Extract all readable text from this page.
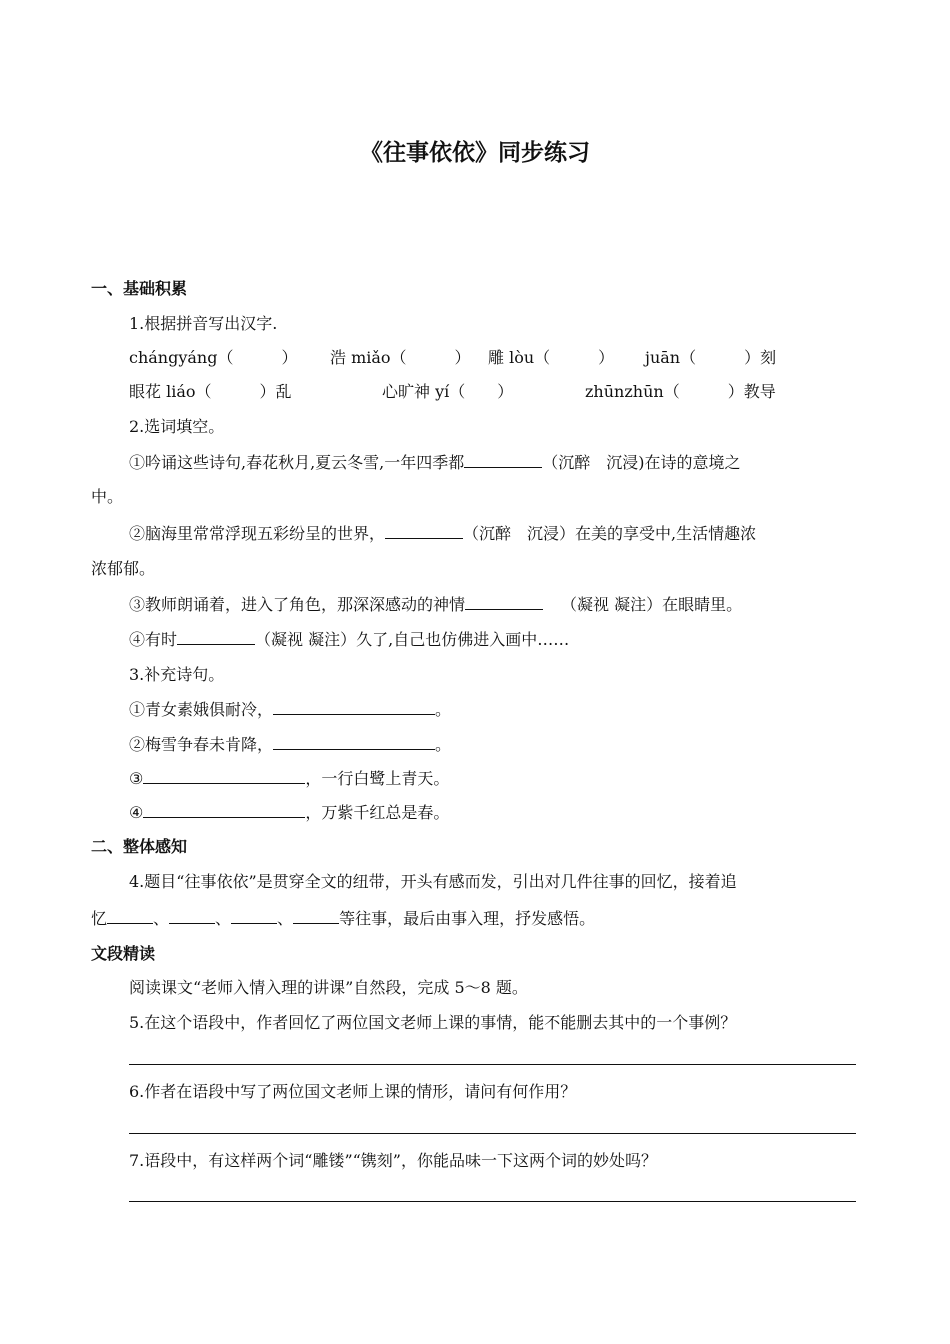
《往事依依》同步练习
一、基础积累
1.根据拼音写出汉字.
chángyáng（　　　） 浩 miǎo（　　　） 雕 lòu（　　　） juān（　　　）刻
眼花 liáo（　　　）乱	心旷神 yí（　　）	zhūnzhūn（　　　）教导
2.选词填空。
①吟诵这些诗句,春花秋月,夏云冬雪,一年四季都	（沉醉　沉浸)在诗的意境之
中。
②脑海里常常浮现五彩纷呈的世界，	（沉醉　沉浸）在美的享受中,生活情趣浓
浓郁郁。
③教师朗诵着，进入了角色，那深深感动的神情	（凝视 凝注）在眼睛里。
④有时	（凝视 凝注）久了,自己也仿佛进入画中……
3.补充诗句。
①青女素娥俱耐冷，	。
②梅雪争春未肯降，	。
③	，一行白鹭上青天。
④	，万紫千红总是春。
二、整体感知
4.题目“往事依依”是贯穿全文的纽带，开头有感而发，引出对几件往事的回忆，接着追
忆	、	、	、	等往事，最后由事入理，抒发感悟。
文段精读
阅读课文“老师入情入理的讲课”自然段，完成 5～8 题。
5.在这个语段中，作者回忆了两位国文老师上课的事情，能不能删去其中的一个事例？
6.作者在语段中写了两位国文老师上课的情形，请问有何作用？
7.语段中，有这样两个词“雕镂”“镌刻”，你能品味一下这两个词的妙处吗？
